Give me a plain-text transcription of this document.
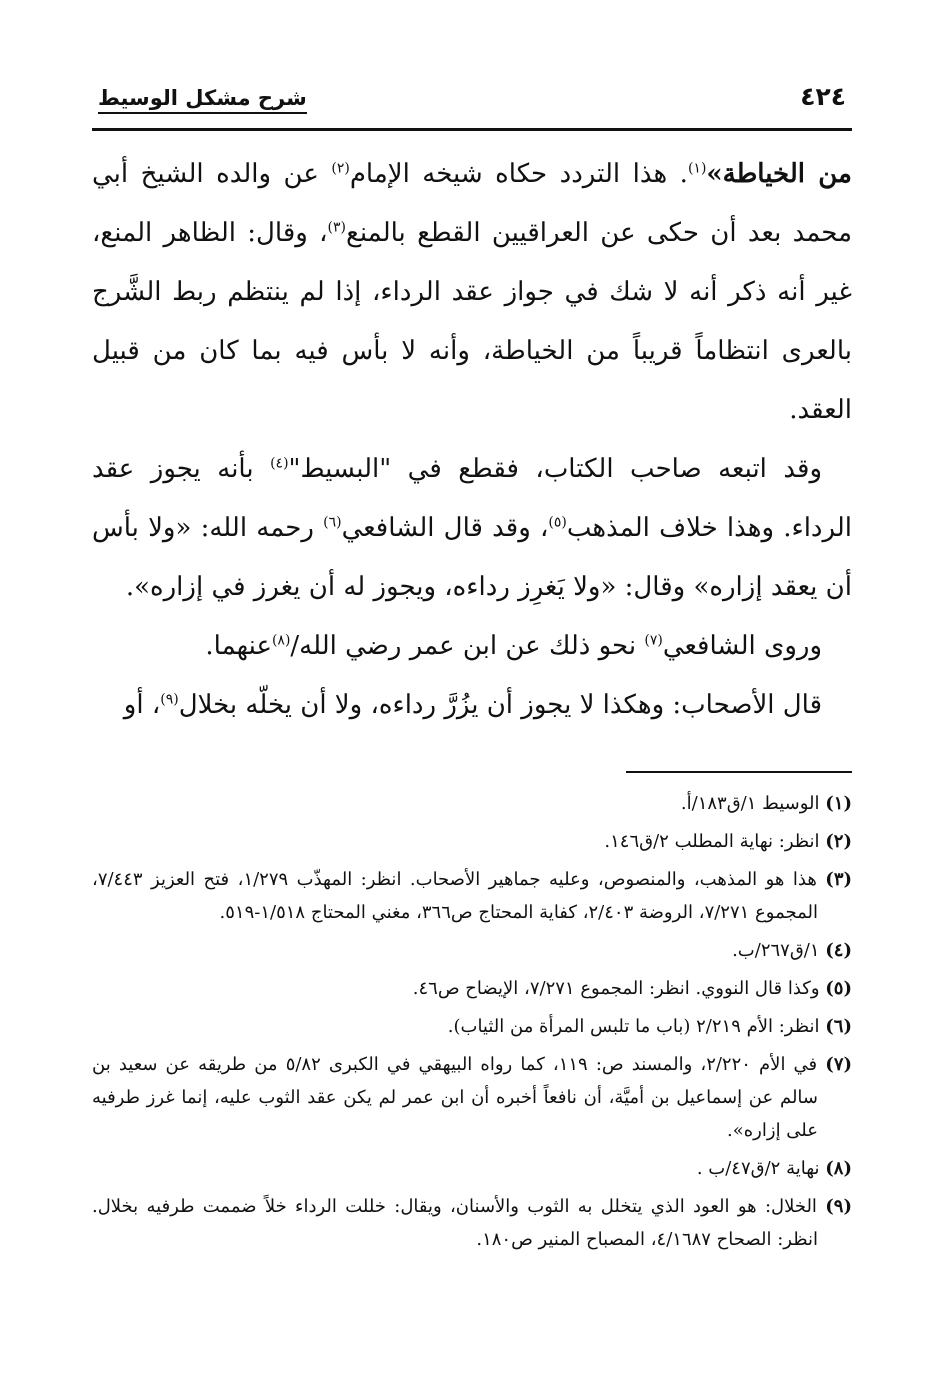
٤٢٤
شرح مشكل الوسيط

من الخياطة»$^{(١)}$. هذا التردد حكاه شيخه الإمام$^{(٢)}$ عن والده الشيخ أبي محمد بعد أن حكى عن العراقيين القطع بالمنع$^{(٣)}$، وقال: الظاهر المنع، غير أنه ذكر أنه لا شك في جواز عقد الرداء، إذا لم ينتظم ربط الشَّرج بالعرى انتظاماً قريباً من الخياطة، وأنه لا بأس فيه بما كان من قبيل العقد.

وقد اتبعه صاحب الكتاب، فقطع في "البسيط"$^{(٤)}$ بأنه يجوز عقد الرداء. وهذا خلاف المذهب$^{(٥)}$، وقد قال الشافعي$^{(٦)}$ رحمه الله: «ولا بأس أن يعقد إزاره» وقال: «ولا يَغرِز رداءه، ويجوز له أن يغرز في إزاره».

وروى الشافعي$^{(٧)}$ نحو ذلك عن ابن عمر رضي الله/$^{(٨)}$عنهما.

قال الأصحاب: وهكذا لا يجوز أن يزُرَّ رداءه، ولا أن يخلّه بخلال$^{(٩)}$، أو

(١) الوسيط ١/ق١٨٣/أ.

(٢) انظر: نهاية المطلب ٢/ق١٤٦.

(٣) هذا هو المذهب، والمنصوص، وعليه جماهير الأصحاب. انظر: المهذّب ١/٢٧٩، فتح العزيز ٧/٤٤٣، المجموع ٧/٢٧١، الروضة ٢/٤٠٣، كفاية المحتاج ص٣٦٦، مغني المحتاج ١/٥١٨-٥١٩.

(٤) ١/ق٢٦٧/ب.

(٥) وكذا قال النووي. انظر: المجموع ٧/٢٧١، الإيضاح ص٤٦.

(٦) انظر: الأم ٢/٢١٩ (باب ما تلبس المرأة من الثياب).

(٧) في الأم ٢/٢٢٠، والمسند ص: ١١٩، كما رواه البيهقي في الكبرى ٥/٨٢ من طريقه عن سعيد بن سالم عن إسماعيل بن أميَّة، أن نافعاً أخبره أن ابن عمر لم يكن عقد الثوب عليه، إنما غرز طرفيه على إزاره».

(٨) نهاية ٢/ق٤٧/ب .

(٩) الخلال: هو العود الذي يتخلل به الثوب والأسنان، ويقال: خللت الرداء خلاً ضممت طرفيه بخلال. انظر: الصحاح ٤/١٦٨٧، المصباح المنير ص١٨٠.
